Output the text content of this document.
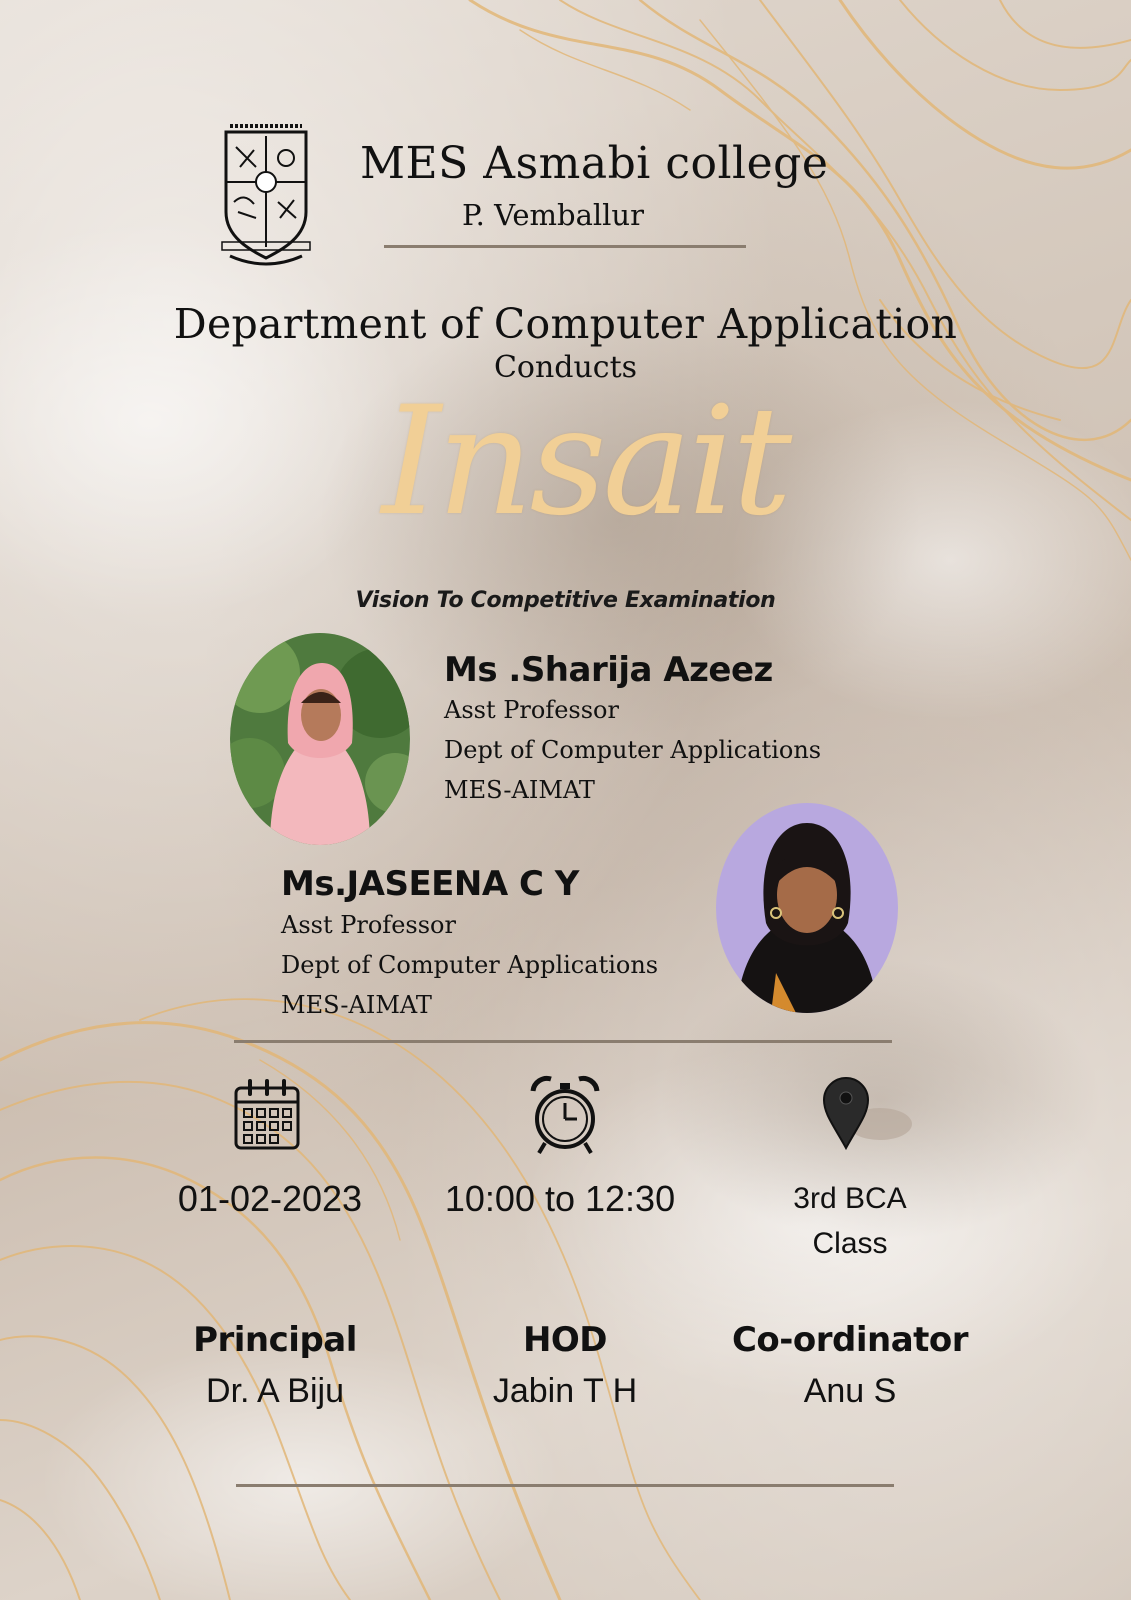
MES Asmabi college
P. Vemballur
Department of Computer Application
Conducts
Insait
Vision To Competitive Examination
Ms .Sharija Azeez
Asst Professor
Dept of Computer Applications
MES-AIMAT
Ms.JASEENA C Y
Asst Professor
Dept of Computer Applications
MES-AIMAT
01-02-2023	10:00 to 12:30	3rd BCA
Class
Principal
Dr. A Biju
HOD
Jabin T H
Co-ordinator
Anu S
